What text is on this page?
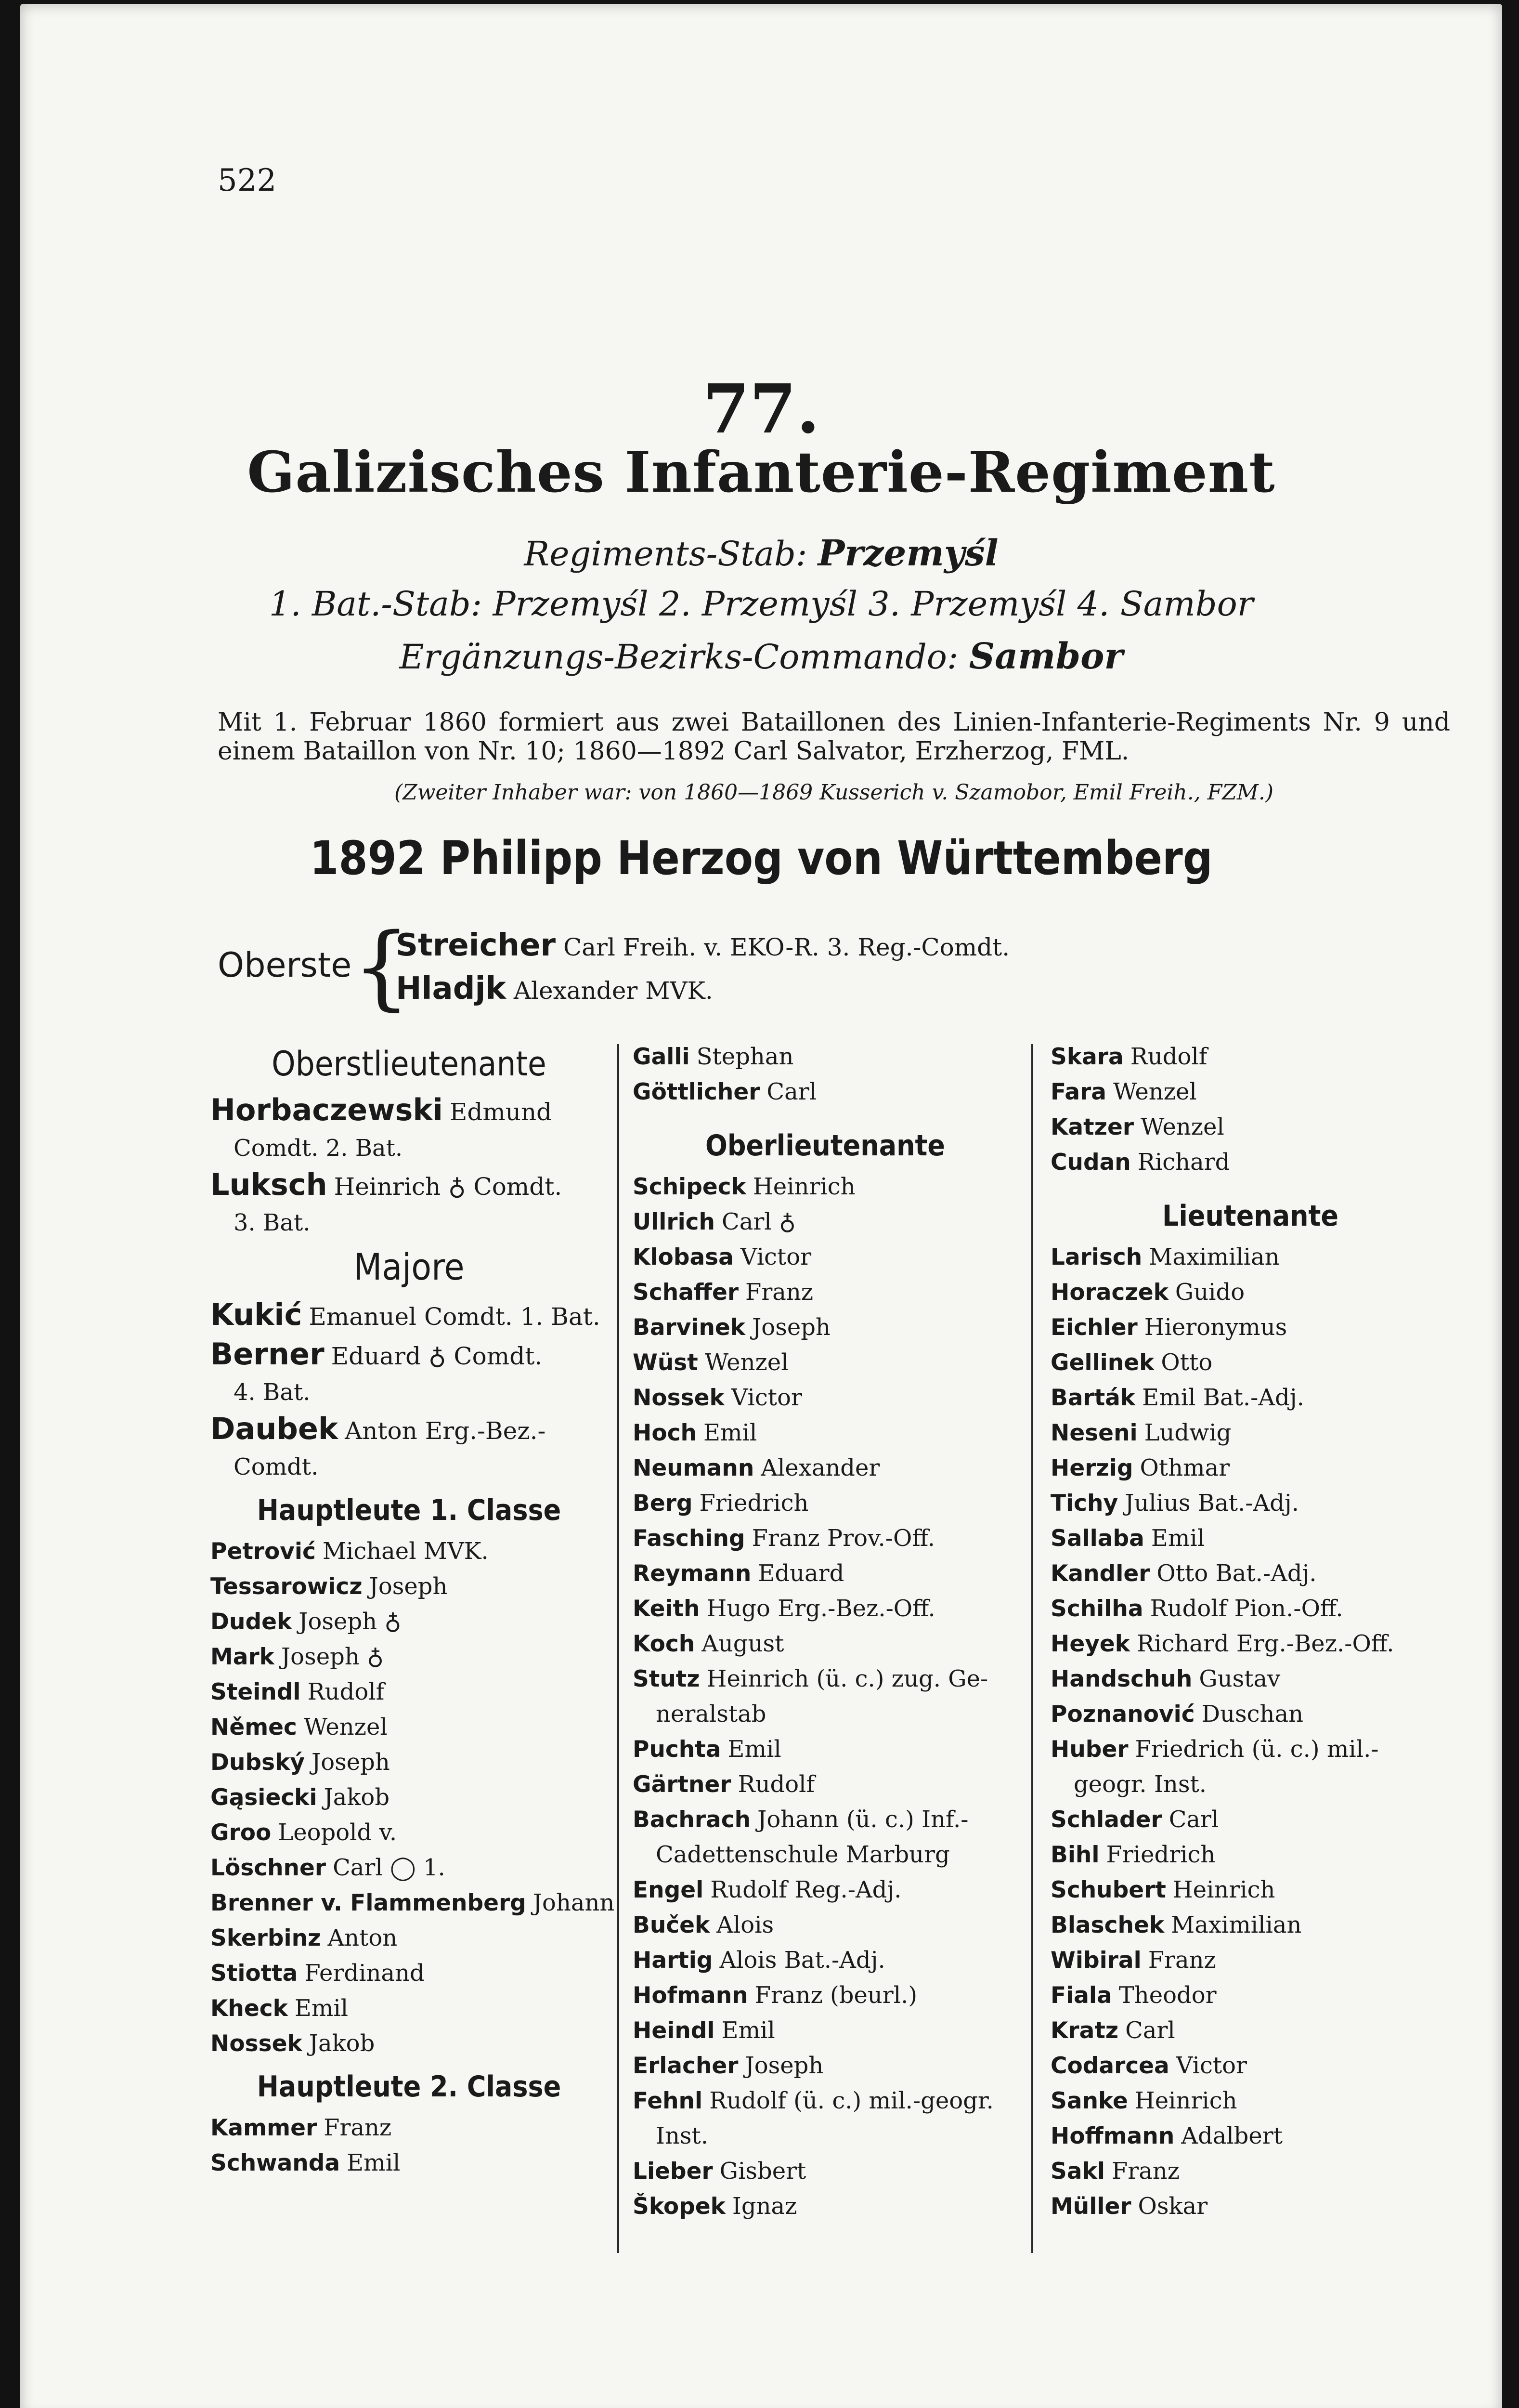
522
77.
Galizisches Infanterie-Regiment
Regiments-Stab: Przemyśl
1. Bat.-Stab: Przemyśl 2. Przemyśl 3. Przemyśl 4. Sambor
Ergänzungs-Bezirks-Commando: Sambor
Mit 1. Februar 1860 formiert aus zwei Bataillonen des Linien-Infanterie-Regiments Nr. 9 und einem Bataillon von Nr. 10; 1860—1892 Carl Salvator, Erzherzog, FML.
(Zweiter Inhaber war: von 1860—1869 Kusserich v. Szamobor, Emil Freih., FZM.)
1892 Philipp Herzog von Württemberg
Oberste {
Streicher Carl Freih. v. EKO-R. 3. Reg.-Comdt.
Hladjk Alexander MVK.
Oberstlieutenante
Horbaczewski Edmund
Comdt. 2. Bat.
Luksch Heinrich ♁ Comdt.
3. Bat.
Majore
Kukić Emanuel Comdt. 1. Bat.
Berner Eduard ♁ Comdt.
4. Bat.
Daubek Anton Erg.-Bez.-
Comdt.
Hauptleute 1. Classe
Petrović Michael MVK.
Tessarowicz Joseph
Dudek Joseph ♁
Mark Joseph ♁
Steindl Rudolf
Němec Wenzel
Dubský Joseph
Gąsiecki Jakob
Groo Leopold v.
Löschner Carl ◯ 1.
Brenner v. Flammenberg Johann
Skerbinz Anton
Stiotta Ferdinand
Kheck Emil
Nossek Jakob
Hauptleute 2. Classe
Kammer Franz
Schwanda Emil
Galli Stephan
Göttlicher Carl
Oberlieutenante
Schipeck Heinrich
Ullrich Carl ♁
Klobasa Victor
Schaffer Franz
Barvinek Joseph
Wüst Wenzel
Nossek Victor
Hoch Emil
Neumann Alexander
Berg Friedrich
Fasching Franz Prov.-Off.
Reymann Eduard
Keith Hugo Erg.-Bez.-Off.
Koch August
Stutz Heinrich (ü. c.) zug. Ge-
neralstab
Puchta Emil
Gärtner Rudolf
Bachrach Johann (ü. c.) Inf.-
Cadettenschule Marburg
Engel Rudolf Reg.-Adj.
Buček Alois
Hartig Alois Bat.-Adj.
Hofmann Franz (beurl.)
Heindl Emil
Erlacher Joseph
Fehnl Rudolf (ü. c.) mil.-geogr.
Inst.
Lieber Gisbert
Škopek Ignaz
Skara Rudolf
Fara Wenzel
Katzer Wenzel
Cudan Richard
Lieutenante
Larisch Maximilian
Horaczek Guido
Eichler Hieronymus
Gellinek Otto
Barták Emil Bat.-Adj.
Neseni Ludwig
Herzig Othmar
Tichy Julius Bat.-Adj.
Sallaba Emil
Kandler Otto Bat.-Adj.
Schilha Rudolf Pion.-Off.
Heyek Richard Erg.-Bez.-Off.
Handschuh Gustav
Poznanović Duschan
Huber Friedrich (ü. c.) mil.-
geogr. Inst.
Schlader Carl
Bihl Friedrich
Schubert Heinrich
Blaschek Maximilian
Wibiral Franz
Fiala Theodor
Kratz Carl
Codarcea Victor
Sanke Heinrich
Hoffmann Adalbert
Sakl Franz
Müller Oskar
